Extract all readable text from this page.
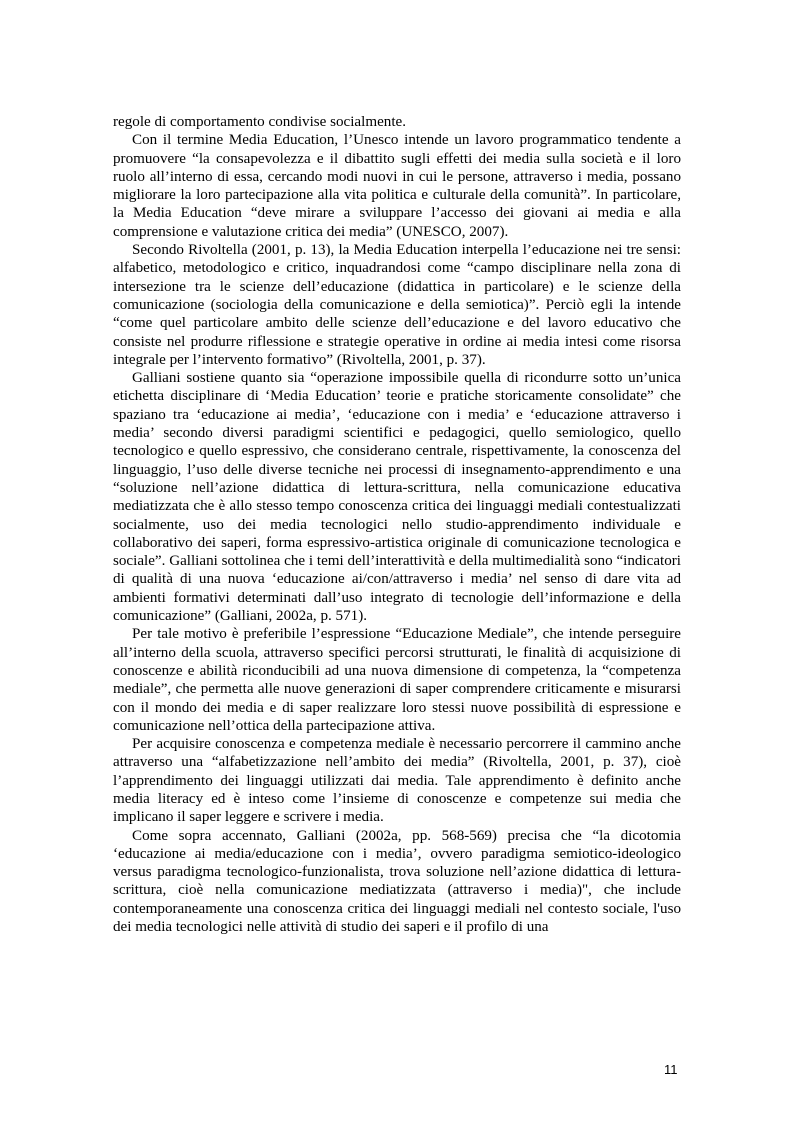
regole di comportamento condivise socialmente.

Con il termine Media Education, l’Unesco intende un lavoro programmatico tendente a promuovere “la consapevolezza e il dibattito sugli effetti dei media sulla società e il loro ruolo all’interno di essa, cercando modi nuovi in cui le persone, attraverso i media, possano migliorare la loro partecipazione alla vita politica e culturale della comunità”. In particolare, la Media Education “deve mirare a sviluppare l’accesso dei giovani ai media e alla comprensione e valutazione critica dei media” (UNESCO, 2007).

Secondo Rivoltella (2001, p. 13), la Media Education interpella l’educazione nei tre sensi: alfabetico, metodologico e critico, inquadrandosi come “campo disciplinare nella zona di intersezione tra le scienze dell’educazione (didattica in particolare) e le scienze della comunicazione (sociologia della comunicazione e della semiotica)”. Perciò egli la intende “come quel particolare ambito delle scienze dell’educazione e del lavoro educativo che consiste nel produrre riflessione e strategie operative in ordine ai media intesi come risorsa integrale per l’intervento formativo” (Rivoltella, 2001, p. 37).

Galliani sostiene quanto sia “operazione impossibile quella di ricondurre sotto un’unica etichetta disciplinare di ‘Media Education’ teorie e pratiche storicamente consolidate” che spaziano tra ‘educazione ai media’, ‘educazione con i media’ e ‘educazione attraverso i media’ secondo diversi paradigmi scientifici e pedagogici, quello semiologico, quello tecnologico e quello espressivo, che considerano centrale, rispettivamente, la conoscenza del linguaggio, l’uso delle diverse tecniche nei processi di insegnamento-apprendimento e una “soluzione nell’azione didattica di lettura-scrittura, nella comunicazione educativa mediatizzata che è allo stesso tempo conoscenza critica dei linguaggi mediali contestualizzati socialmente, uso dei media tecnologici nello studio-apprendimento individuale e collaborativo dei saperi, forma espressivo-artistica originale di comunicazione tecnologica e sociale”. Galliani sottolinea che i temi dell’interattività e della multimedialità sono “indicatori di qualità di una nuova ‘educazione ai/con/attraverso i media’ nel senso di dare vita ad ambienti formativi determinati dall’uso integrato di tecnologie dell’informazione e della comunicazione” (Galliani, 2002a, p. 571).

Per tale motivo è preferibile l’espressione “Educazione Mediale”, che intende perseguire all’interno della scuola, attraverso specifici percorsi strutturati, le finalità di acquisizione di conoscenze e abilità riconducibili ad una nuova dimensione di competenza, la “competenza mediale”, che permetta alle nuove generazioni di saper comprendere criticamente e misurarsi con il mondo dei media e di saper realizzare loro stessi nuove possibilità di espressione e comunicazione nell’ottica della partecipazione attiva.

Per acquisire conoscenza e competenza mediale è necessario percorrere il cammino anche attraverso una “alfabetizzazione nell’ambito dei media” (Rivoltella, 2001, p. 37), cioè l’apprendimento dei linguaggi utilizzati dai media. Tale apprendimento è definito anche media literacy ed è inteso come l’insieme di conoscenze e competenze sui media che implicano il saper leggere e scrivere i media.

Come sopra accennato, Galliani (2002a, pp. 568-569) precisa che “la dicotomia ‘educazione ai media/educazione con i media’, ovvero paradigma semiotico-ideologico versus paradigma tecnologico-funzionalista, trova soluzione nell’azione didattica di lettura-scrittura, cioè nella comunicazione mediatizzata (attraverso i media)", che include contemporaneamente una conoscenza critica dei linguaggi mediali nel contesto sociale, l'uso dei media tecnologici nelle attività di studio dei saperi e il profilo di una

11
